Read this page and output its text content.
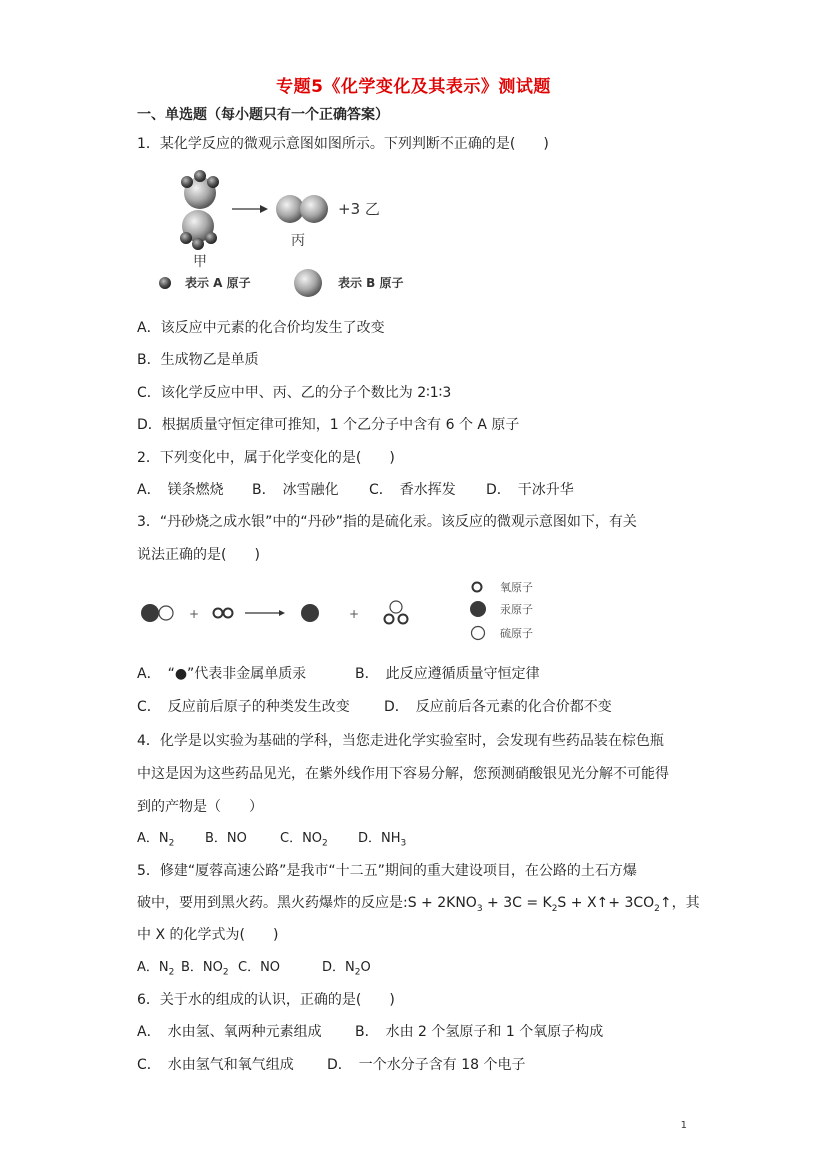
专题5《化学变化及其表示》测试题
一、单选题（每小题只有一个正确答案）
1．某化学反应的微观示意图如图所示。下列判断不正确的是(　　)
甲
丙
+3 乙
表示 A 原子	表示 B 原子
A．该反应中元素的化合价均发生了改变
B．生成物乙是单质
C．该化学反应中甲、丙、乙的分子个数比为 2∶1∶3
D．根据质量守恒定律可推知，1 个乙分子中含有 6 个 A 原子
2．下列变化中，属于化学变化的是(　　)
A．　镁条燃烧 B．　冰雪融化 C．　香水挥发 D．　干冰升华
3．“丹砂烧之成水银”中的“丹砂”指的是硫化汞。该反应的微观示意图如下，有关
说法正确的是(　　)
+	+
氧原子
汞原子
硫原子
A．　“●”代表非金属单质汞	B．　此反应遵循质量守恒定律
C．　反应前后原子的种类发生改变 D．　反应前后各元素的化合价都不变
4．化学是以实验为基础的学科，当您走进化学实验室时，会发现有些药品装在棕色瓶
中这是因为这些药品见光，在紫外线作用下容易分解，您预测硝酸银见光分解不可能得
到的产物是（　　）
A．$N_2$ B．NO	C．$NO_2$ D．$NH_3$
5．修建“厦蓉高速公路”是我市“十二五”期间的重大建设项目，在公路的土石方爆
破中，要用到黑火药。黑火药爆炸的反应是:S + $2KNO_3 + 3C = K_2S$ + X↑+ $3CO_2↑$，其
中 X 的化学式为(　　)
A．$N_2$ B．$NO_2$ C．NO	D．$N_2O$
6．关于水的组成的认识，正确的是(　　)
A．　水由氢、氧两种元素组成 B．　水由 2 个氢原子和 1 个氧原子构成
C．　水由氢气和氧气组成 D．　一个水分子含有 18 个电子
1
